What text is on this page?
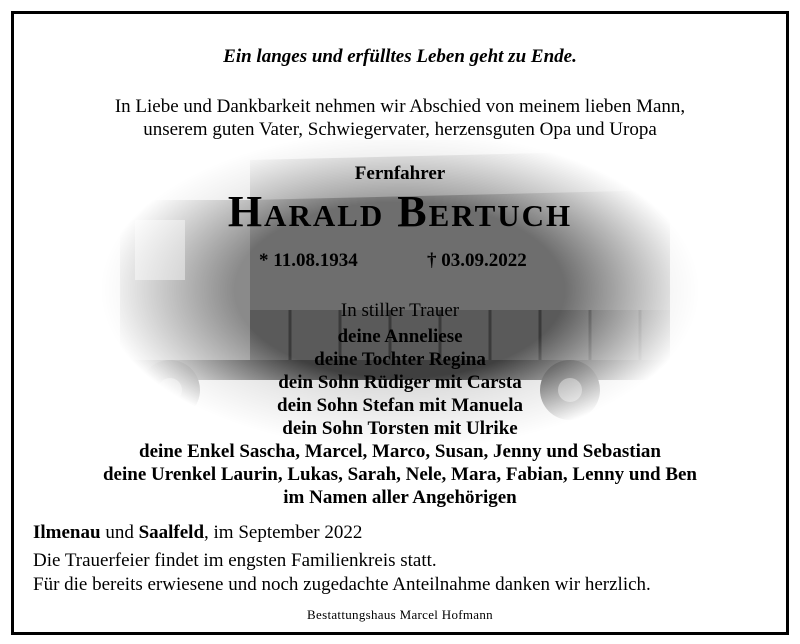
Ein langes und erfülltes Leben geht zu Ende.
In Liebe und Dankbarkeit nehmen wir Abschied von meinem lieben Mann,
unserem guten Vater, Schwiegervater, herzensguten Opa und Uropa
Fernfahrer
Harald Bertuch
* 11.08.1934	† 03.09.2022
In stiller Trauer
deine Anneliese
deine Tochter Regina
dein Sohn Rüdiger mit Carsta
dein Sohn Stefan mit Manuela
dein Sohn Torsten mit Ulrike
deine Enkel Sascha, Marcel, Marco, Susan, Jenny und Sebastian
deine Urenkel Laurin, Lukas, Sarah, Nele, Mara, Fabian, Lenny und Ben
im Namen aller Angehörigen
Ilmenau und Saalfeld, im September 2022
Die Trauerfeier findet im engsten Familienkreis statt.
Für die bereits erwiesene und noch zugedachte Anteilnahme danken wir herzlich.
Bestattungshaus Marcel Hofmann
